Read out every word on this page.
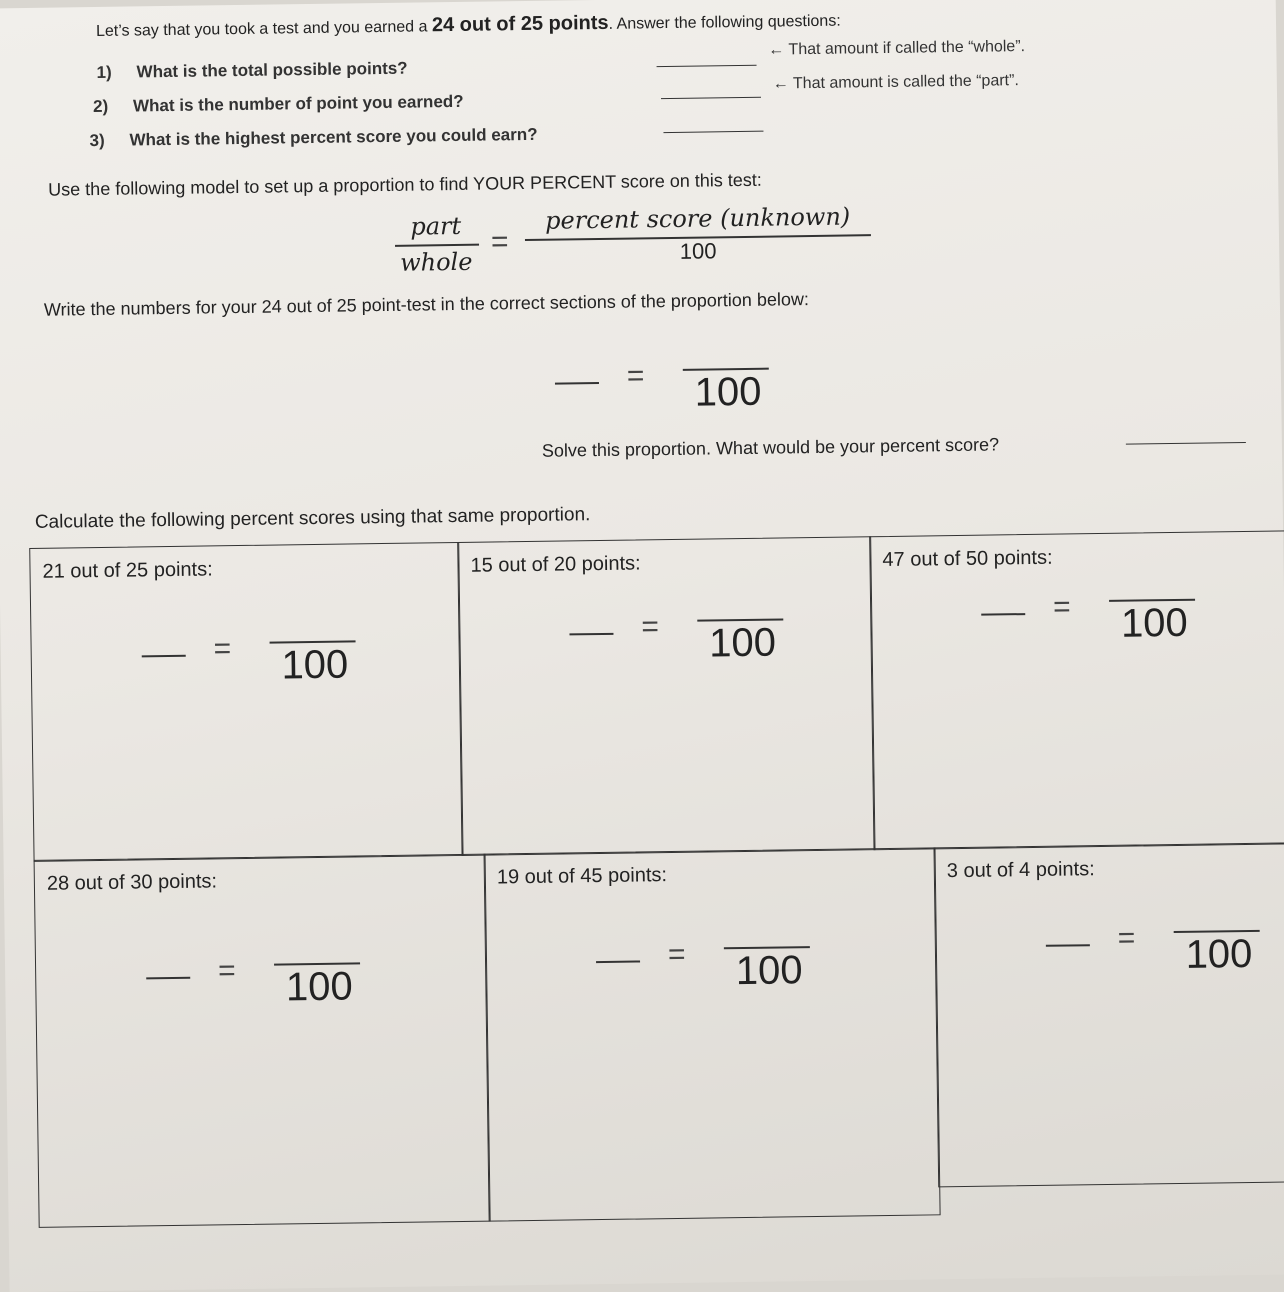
Let’s say that you took a test and you earned a 24 out of 25 points. Answer the following questions:
1) What is the total possible points?
← That amount if called the “whole”.
2) What is the number of point you earned?
← That amount is called the “part”.
3) What is the highest percent score you could earn?
Use the following model to set up a proportion to find YOUR PERCENT score on this test:
part
whole
=
percent score (unknown)
100
Write the numbers for your 24 out of 25 point-test in the correct sections of the proportion below:
= 100
Solve this proportion. What would be your percent score?
Calculate the following percent scores using that same proportion.
21 out of 25 points:
= 100
15 out of 20 points:
= 100
47 out of 50 points:
= 100
28 out of 30 points:
= 100
19 out of 45 points:
= 100
3 out of 4 points:
= 100
